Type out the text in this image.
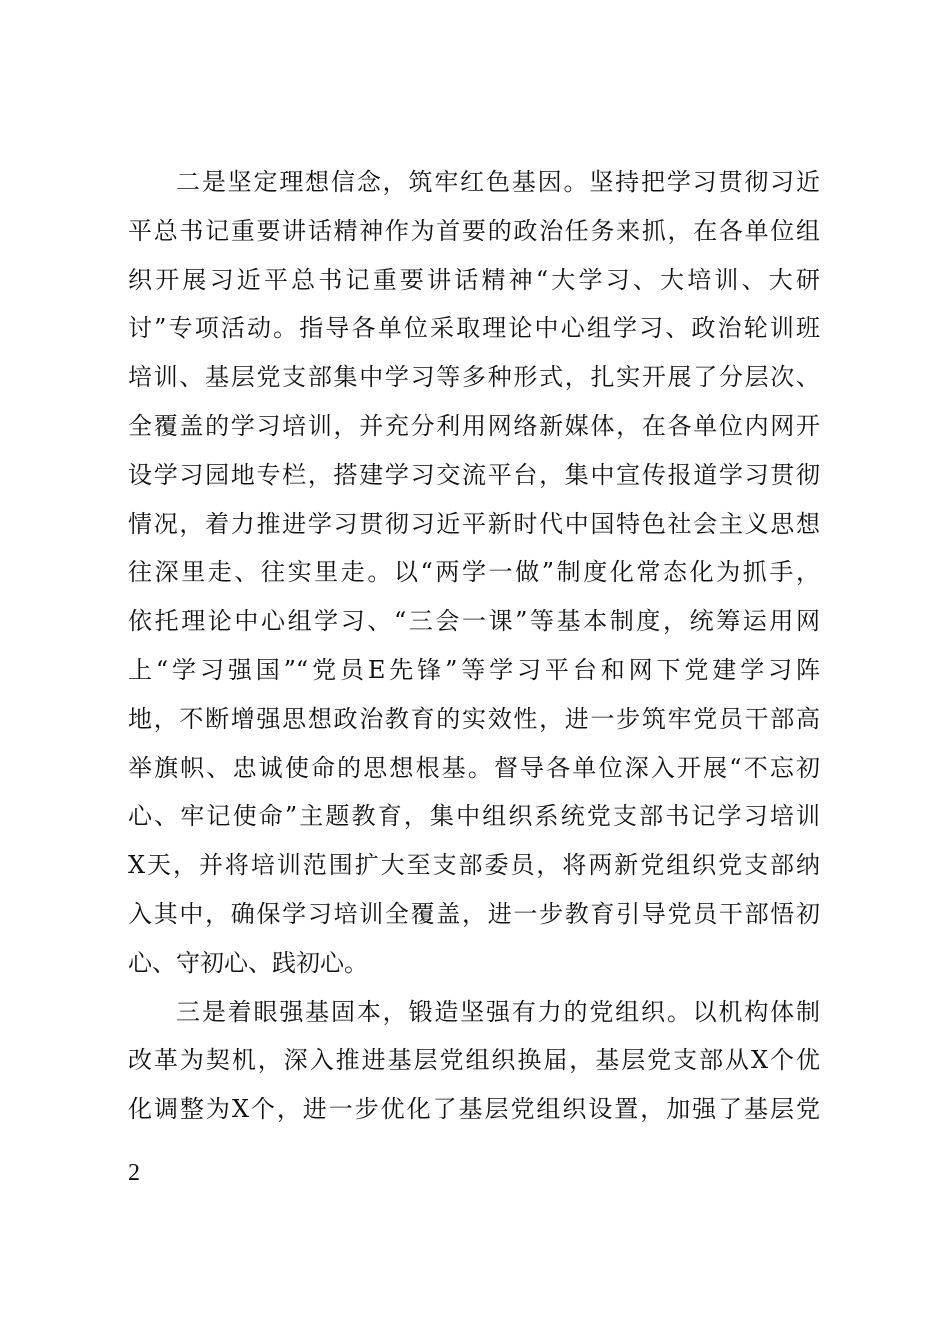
二是坚定理想信念，筑牢红色基因。坚持把学习贯彻习近
平总书记重要讲话精神作为首要的政治任务来抓，在各单位组
织开展习近平总书记重要讲话精神“大学习、大培训、大研
讨”专项活动。指导各单位采取理论中心组学习、政治轮训班
培训、基层党支部集中学习等多种形式，扎实开展了分层次、
全覆盖的学习培训，并充分利用网络新媒体，在各单位内网开
设学习园地专栏，搭建学习交流平台，集中宣传报道学习贯彻
情况，着力推进学习贯彻习近平新时代中国特色社会主义思想
往深里走、往实里走。以“两学一做”制度化常态化为抓手，
依托理论中心组学习、“三会一课”等基本制度，统筹运用网
上“学习强国”“党员E先锋”等学习平台和网下党建学习阵
地，不断增强思想政治教育的实效性，进一步筑牢党员干部高
举旗帜、忠诚使命的思想根基。督导各单位深入开展“不忘初
心、牢记使命”主题教育，集中组织系统党支部书记学习培训
X天，并将培训范围扩大至支部委员，将两新党组织党支部纳
入其中，确保学习培训全覆盖，进一步教育引导党员干部悟初
心、守初心、践初心。
三是着眼强基固本，锻造坚强有力的党组织。以机构体制
改革为契机，深入推进基层党组织换届，基层党支部从X个优
化调整为X个，进一步优化了基层党组织设置，加强了基层党
2
